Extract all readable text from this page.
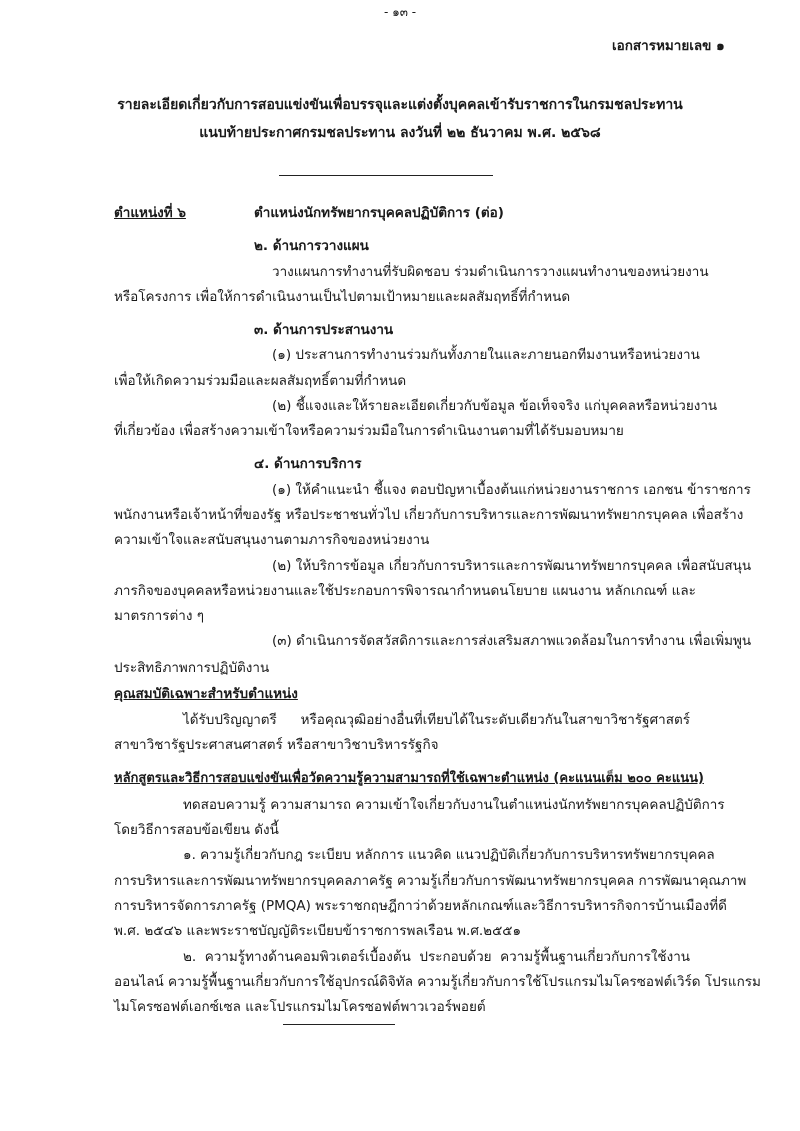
- ๑๓ -
เอกสารหมายเลข ๑
รายละเอียดเกี่ยวกับการสอบแข่งขันเพื่อบรรจุและแต่งตั้งบุคคลเข้ารับราชการในกรมชลประทาน
แนบท้ายประกาศกรมชลประทาน ลงวันที่ ๒๒ ธันวาคม พ.ศ. ๒๕๖๘
ตำแหน่งที่ ๖	ตำแหน่งนักทรัพยากรบุคคลปฏิบัติการ (ต่อ)
๒. ด้านการวางแผน
วางแผนการทำงานที่รับผิดชอบ ร่วมดำเนินการวางแผนทำงานของหน่วยงาน
หรือโครงการ เพื่อให้การดำเนินงานเป็นไปตามเป้าหมายและผลสัมฤทธิ์ที่กำหนด
๓. ด้านการประสานงาน
(๑) ประสานการทำงานร่วมกันทั้งภายในและภายนอกทีมงานหรือหน่วยงาน
เพื่อให้เกิดความร่วมมือและผลสัมฤทธิ์ตามที่กำหนด
(๒) ชี้แจงและให้รายละเอียดเกี่ยวกับข้อมูล ข้อเท็จจริง แก่บุคคลหรือหน่วยงาน
ที่เกี่ยวข้อง เพื่อสร้างความเข้าใจหรือความร่วมมือในการดำเนินงานตามที่ได้รับมอบหมาย
๔. ด้านการบริการ
(๑) ให้คำแนะนำ ชี้แจง ตอบปัญหาเบื้องต้นแก่หน่วยงานราชการ เอกชน ข้าราชการ
พนักงานหรือเจ้าหน้าที่ของรัฐ หรือประชาชนทั่วไป เกี่ยวกับการบริหารและการพัฒนาทรัพยากรบุคคล เพื่อสร้าง
ความเข้าใจและสนับสนุนงานตามภารกิจของหน่วยงาน
(๒) ให้บริการข้อมูล เกี่ยวกับการบริหารและการพัฒนาทรัพยากรบุคคล เพื่อสนับสนุน
ภารกิจของบุคคลหรือหน่วยงานและใช้ประกอบการพิจารณากำหนดนโยบาย แผนงาน หลักเกณฑ์ และ
มาตรการต่าง ๆ
(๓) ดำเนินการจัดสวัสดิการและการส่งเสริมสภาพแวดล้อมในการทำงาน เพื่อเพิ่มพูน
ประสิทธิภาพการปฏิบัติงาน
คุณสมบัติเฉพาะสำหรับตำแหน่ง
ได้รับปริญญาตรี หรือคุณวุฒิอย่างอื่นที่เทียบได้ในระดับเดียวกันในสาขาวิชารัฐศาสตร์
สาขาวิชารัฐประศาสนศาสตร์ หรือสาขาวิชาบริหารรัฐกิจ
หลักสูตรและวิธีการสอบแข่งขันเพื่อวัดความรู้ความสามารถที่ใช้เฉพาะตำแหน่ง (คะแนนเต็ม ๒๐๐ คะแนน)
ทดสอบความรู้ ความสามารถ ความเข้าใจเกี่ยวกับงานในตำแหน่งนักทรัพยากรบุคคลปฏิบัติการ
โดยวิธีการสอบข้อเขียน ดังนี้
๑. ความรู้เกี่ยวกับกฎ ระเบียบ หลักการ แนวคิด แนวปฏิบัติเกี่ยวกับการบริหารทรัพยากรบุคคล
การบริหารและการพัฒนาทรัพยากรบุคคลภาครัฐ ความรู้เกี่ยวกับการพัฒนาทรัพยากรบุคคล การพัฒนาคุณภาพ
การบริหารจัดการภาครัฐ (PMQA) พระราชกฤษฎีกาว่าด้วยหลักเกณฑ์และวิธีการบริหารกิจการบ้านเมืองที่ดี
พ.ศ. ๒๕๔๖ และพระราชบัญญัติระเบียบข้าราชการพลเรือน พ.ศ.๒๕๕๑
๒. ความรู้ทางด้านคอมพิวเตอร์เบื้องต้น ประกอบด้วย ความรู้พื้นฐานเกี่ยวกับการใช้งาน
ออนไลน์ ความรู้พื้นฐานเกี่ยวกับการใช้อุปกรณ์ดิจิทัล ความรู้เกี่ยวกับการใช้โปรแกรมไมโครซอฟต์เวิร์ด โปรแกรม
ไมโครซอฟต์เอกซ์เซล และโปรแกรมไมโครซอฟต์พาวเวอร์พอยต์
